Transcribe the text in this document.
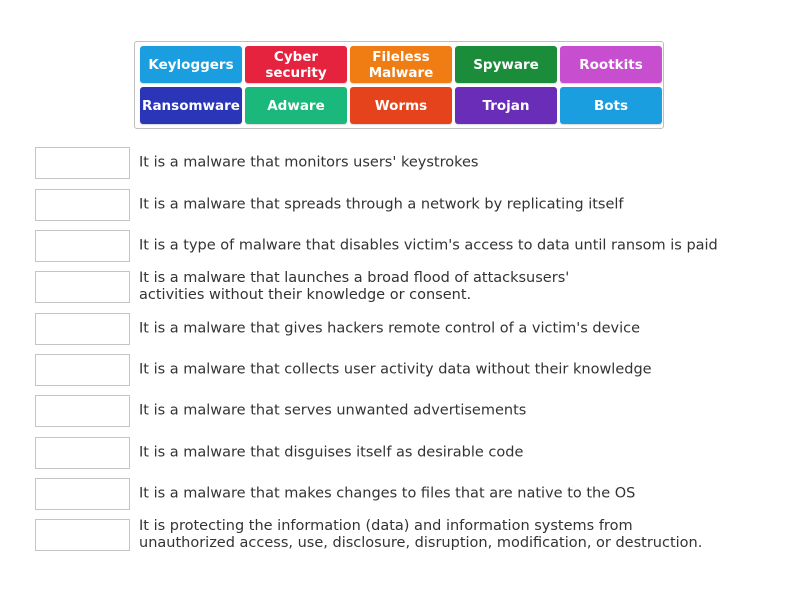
Keyloggers	Cyber
security
Fileless
Malware	Spyware	Rootkits
Ransomware	Adware	Worms	Trojan	Bots
It is a malware that monitors users' keystrokes
It is a malware that spreads through a network by replicating itself
It is a type of malware that disables victim's access to data until ransom is paid
It is a malware that launches a broad flood of attacksusers'
activities without their knowledge or consent.
It is a malware that gives hackers remote control of a victim's device
It is a malware that collects user activity data without their knowledge
It is a malware that serves unwanted advertisements
It is a malware that disguises itself as desirable code
It is a malware that makes changes to files that are native to the OS
It is protecting the information (data) and information systems from
unauthorized access, use, disclosure, disruption, modification, or destruction.
